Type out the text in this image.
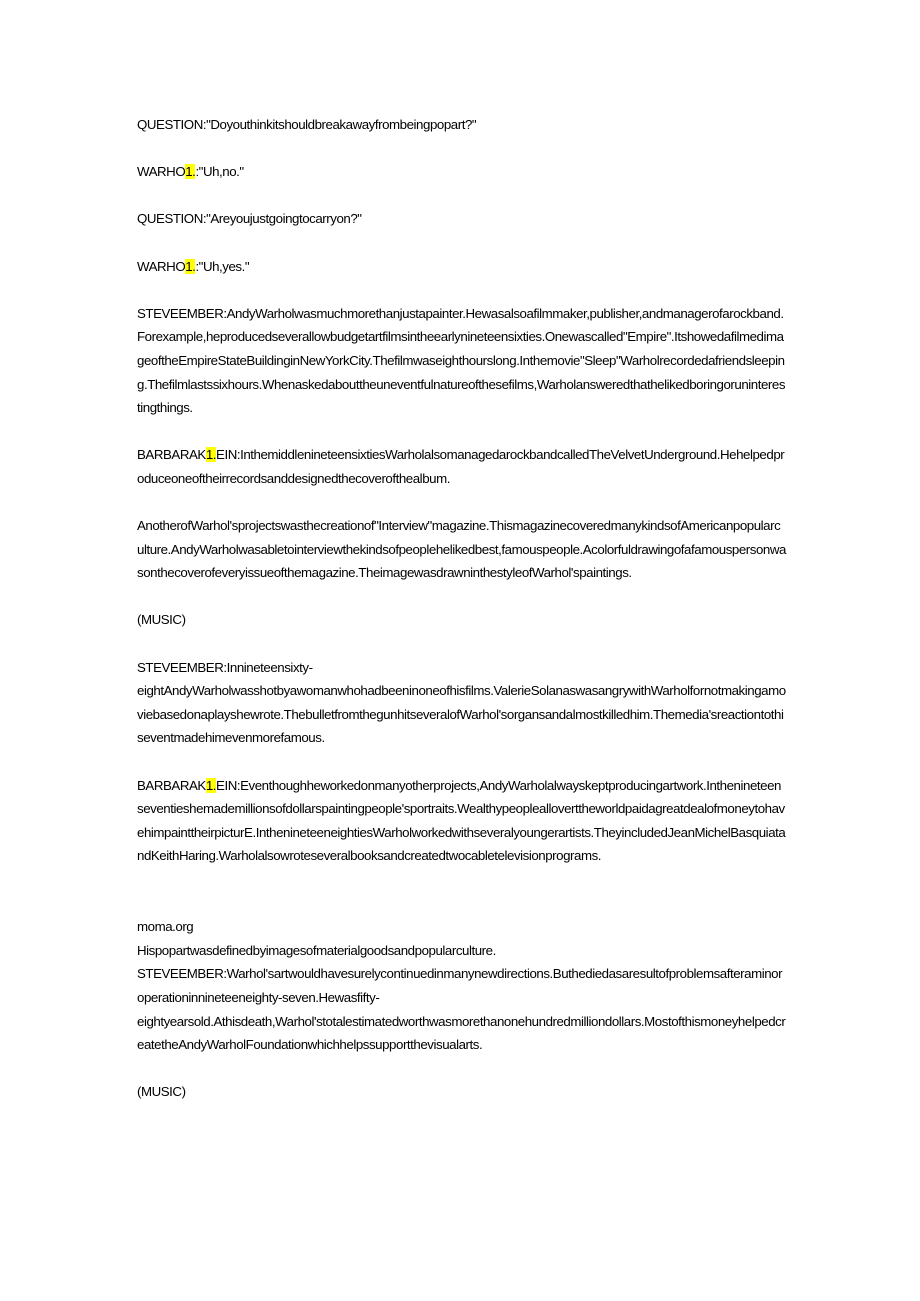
QUESTION:"Doyouthinkitshouldbreakawayfrombeingpopart?"

WARHO1.:"Uh,no."

QUESTION:"Areyoujustgoingtocarryon?"

WARHO1.:"Uh,yes."

STEVEEMBER:AndyWarholwasmuchmorethanjustapainter.Hewasalsoafilmmaker,publisher,andmanagerofarockband.Forexample,heproducedseverallowbudgetartfilmsintheearlynineteensixties.Onewascalled"Empire".ItshowedafilmedimageoftheEmpireStateBuildinginNewYorkCity.Thefilmwaseighthourslong.Inthemovie"Sleep"Warholrecordedafriendsleeping.Thefilmlastssixhours.Whenaskedabouttheuneventfulnatureofthesefilms,Warholansweredthathelikedboringoruninterestingthings.

BARBARAK1.EIN:InthemiddlenineteensixtiesWarholalsomanagedarockbandcalledTheVelvetUnderground.Hehelpedproduceoneoftheirrecordsanddesignedthecoverofthealbum.

AnotherofWarhol'sprojectswasthecreationof"Interview"magazine.ThismagazinecoveredmanykindsofAmericanpopularculture.AndyWarholwasabletointerviewthekindsofpeoplehelikedbest,famouspeople.Acolorfuldrawingofafamouspersonwasonthecoverofeveryissueofthemagazine.TheimagewasdrawninthestyleofWarhol'spaintings.

(MUSIC)

STEVEEMBER:Innineteensixty-
eightAndyWarholwasshotbyawomanwhohadbeeninoneofhisfilms.ValerieSolanaswasangrywithWarholfornotmakingamoviebasedonaplayshewrote.ThebulletfromthegunhitseveralofWarhol'sorgansandalmostkilledhim.Themedia'sreactiontothiseventmadehimevenmorefamous.

BARBARAK1.EIN:Eventhoughheworkedonmanyotherprojects,AndyWarholalwayskeptproducingartwork.Inthenineteenseventieshemademillionsofdollarspaintingpeople'sportraits.WealthypeoplealloverttheworldpaidagreatdealofmoneytohavehimpainttheirpicturE.InthenineteeneightiesWarholworkedwithseveralyoungerartists.TheyincludedJeanMichelBasquiatandKeithHaring.Warholalsowroteseveralbooksandcreatedtwocabletelevisionprograms.

moma.org
Hispopartwasdefinedbyimagesofmaterialgoodsandpopularculture.
STEVEEMBER:Warhol'sartwouldhavesurelycontinuedinmanynewdirections.Buthediedasaresultofproblemsafteraminoroperationinnineteeneighty-seven.Hewasfifty-
eightyearsold.Athisdeath,Warhol'stotalestimatedworthwasmorethanonehundredmilliondollars.MostofthismoneyhelpedcreatetheAndyWarholFoundationwhichhelpssupportthevisualarts.

(MUSIC)
